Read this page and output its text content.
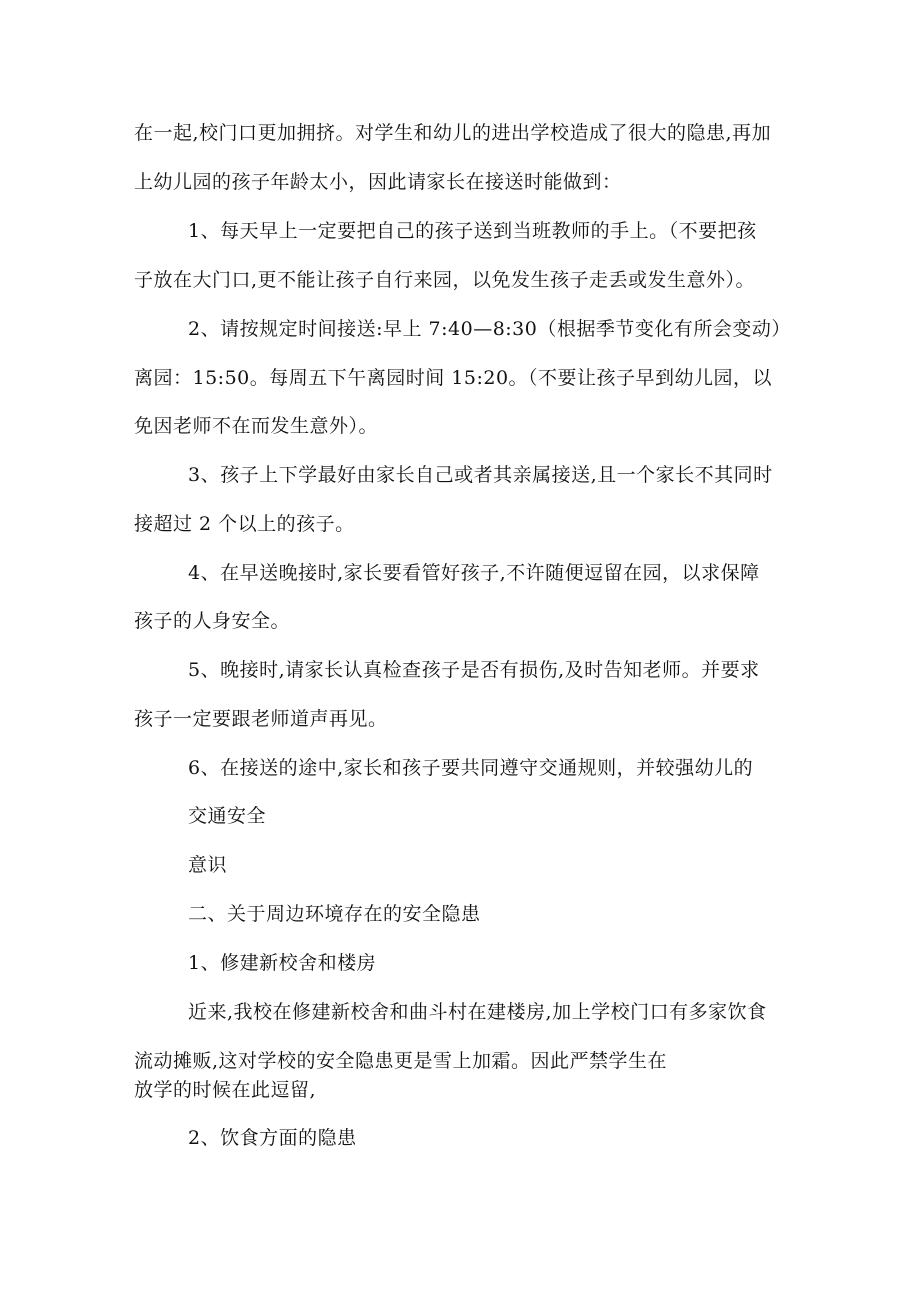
在一起,校门口更加拥挤。对学生和幼儿的进出学校造成了很大的隐患,再加
上幼儿园的孩子年龄太小，因此请家长在接送时能做到：
1、每天早上一定要把自己的孩子送到当班教师的手上。（不要把孩
子放在大门口,更不能让孩子自行来园，以免发生孩子走丢或发生意外）。
2、请按规定时间接送:早上 7:40—8:30（根据季节变化有所会变动）
离园：15:50。每周五下午离园时间 15:20。（不要让孩子早到幼儿园，以
免因老师不在而发生意外）。
3、孩子上下学最好由家长自己或者其亲属接送,且一个家长不其同时
接超过 2 个以上的孩子。
4、在早送晚接时,家长要看管好孩子,不许随便逗留在园，以求保障
孩子的人身安全。
5、晚接时,请家长认真检查孩子是否有损伤,及时告知老师。并要求
孩子一定要跟老师道声再见。
6、在接送的途中,家长和孩子要共同遵守交通规则，并较强幼儿的
交通安全
意识
二、关于周边环境存在的安全隐患
1、修建新校舍和楼房
近来,我校在修建新校舍和曲斗村在建楼房,加上学校门口有多家饮食
流动摊贩,这对学校的安全隐患更是雪上加霜。因此严禁学生在
放学的时候在此逗留,
2、饮食方面的隐患
